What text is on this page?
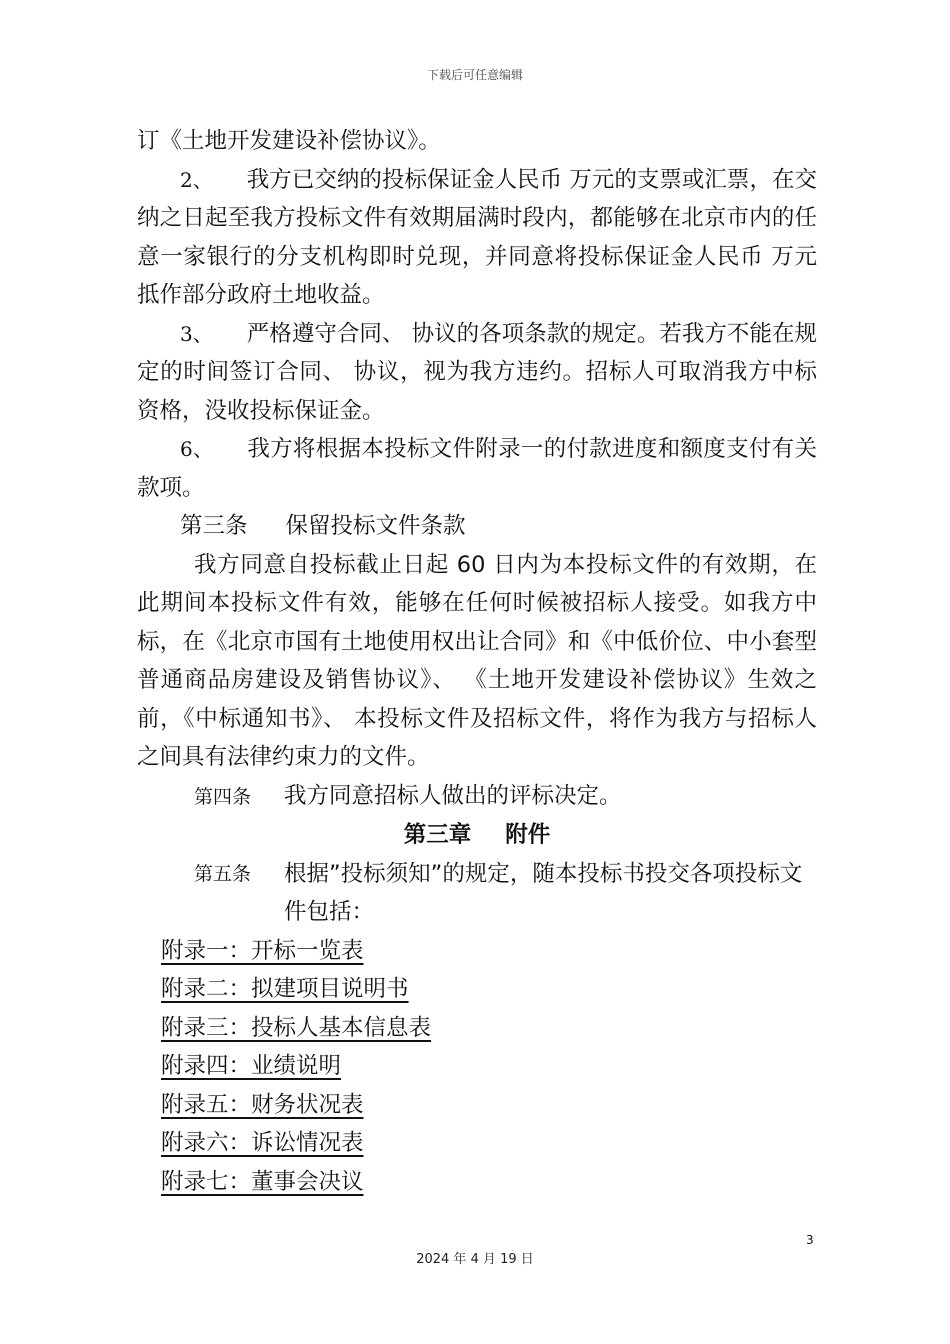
下载后可任意编辑

订《土地开发建设补偿协议》。

2、 我方已交纳的投标保证金人民币 万元的支票或汇票，在交纳之日起至我方投标文件有效期届满时段内，都能够在北京市内的任意一家银行的分支机构即时兑现，并同意将投标保证金人民币 万元抵作部分政府土地收益。

3、 严格遵守合同、 协议的各项条款的规定。若我方不能在规定的时间签订合同、 协议，视为我方违约。招标人可取消我方中标资格，没收投标保证金。

6、 我方将根据本投标文件附录一的付款进度和额度支付有关款项。

第三条 保留投标文件条款

我方同意自投标截止日起 60 日内为本投标文件的有效期，在此期间本投标文件有效，能够在任何时候被招标人接受。如我方中标，在《北京市国有土地使用权出让合同》和《中低价位、中小套型普通商品房建设及销售协议》、 《土地开发建设补偿协议》生效之前，《中标通知书》、 本投标文件及招标文件，将作为我方与招标人之间具有法律约束力的文件。

第四条 我方同意招标人做出的评标决定。

第三章 附件

第五条	根据”投标须知”的规定，随本投标书投交各项投标文件包括：

附录一：开标一览表

附录二：拟建项目说明书

附录三：投标人基本信息表

附录四：业绩说明

附录五：财务状况表

附录六：诉讼情况表

附录七：董事会决议

3
2024 年 4 月 19 日
